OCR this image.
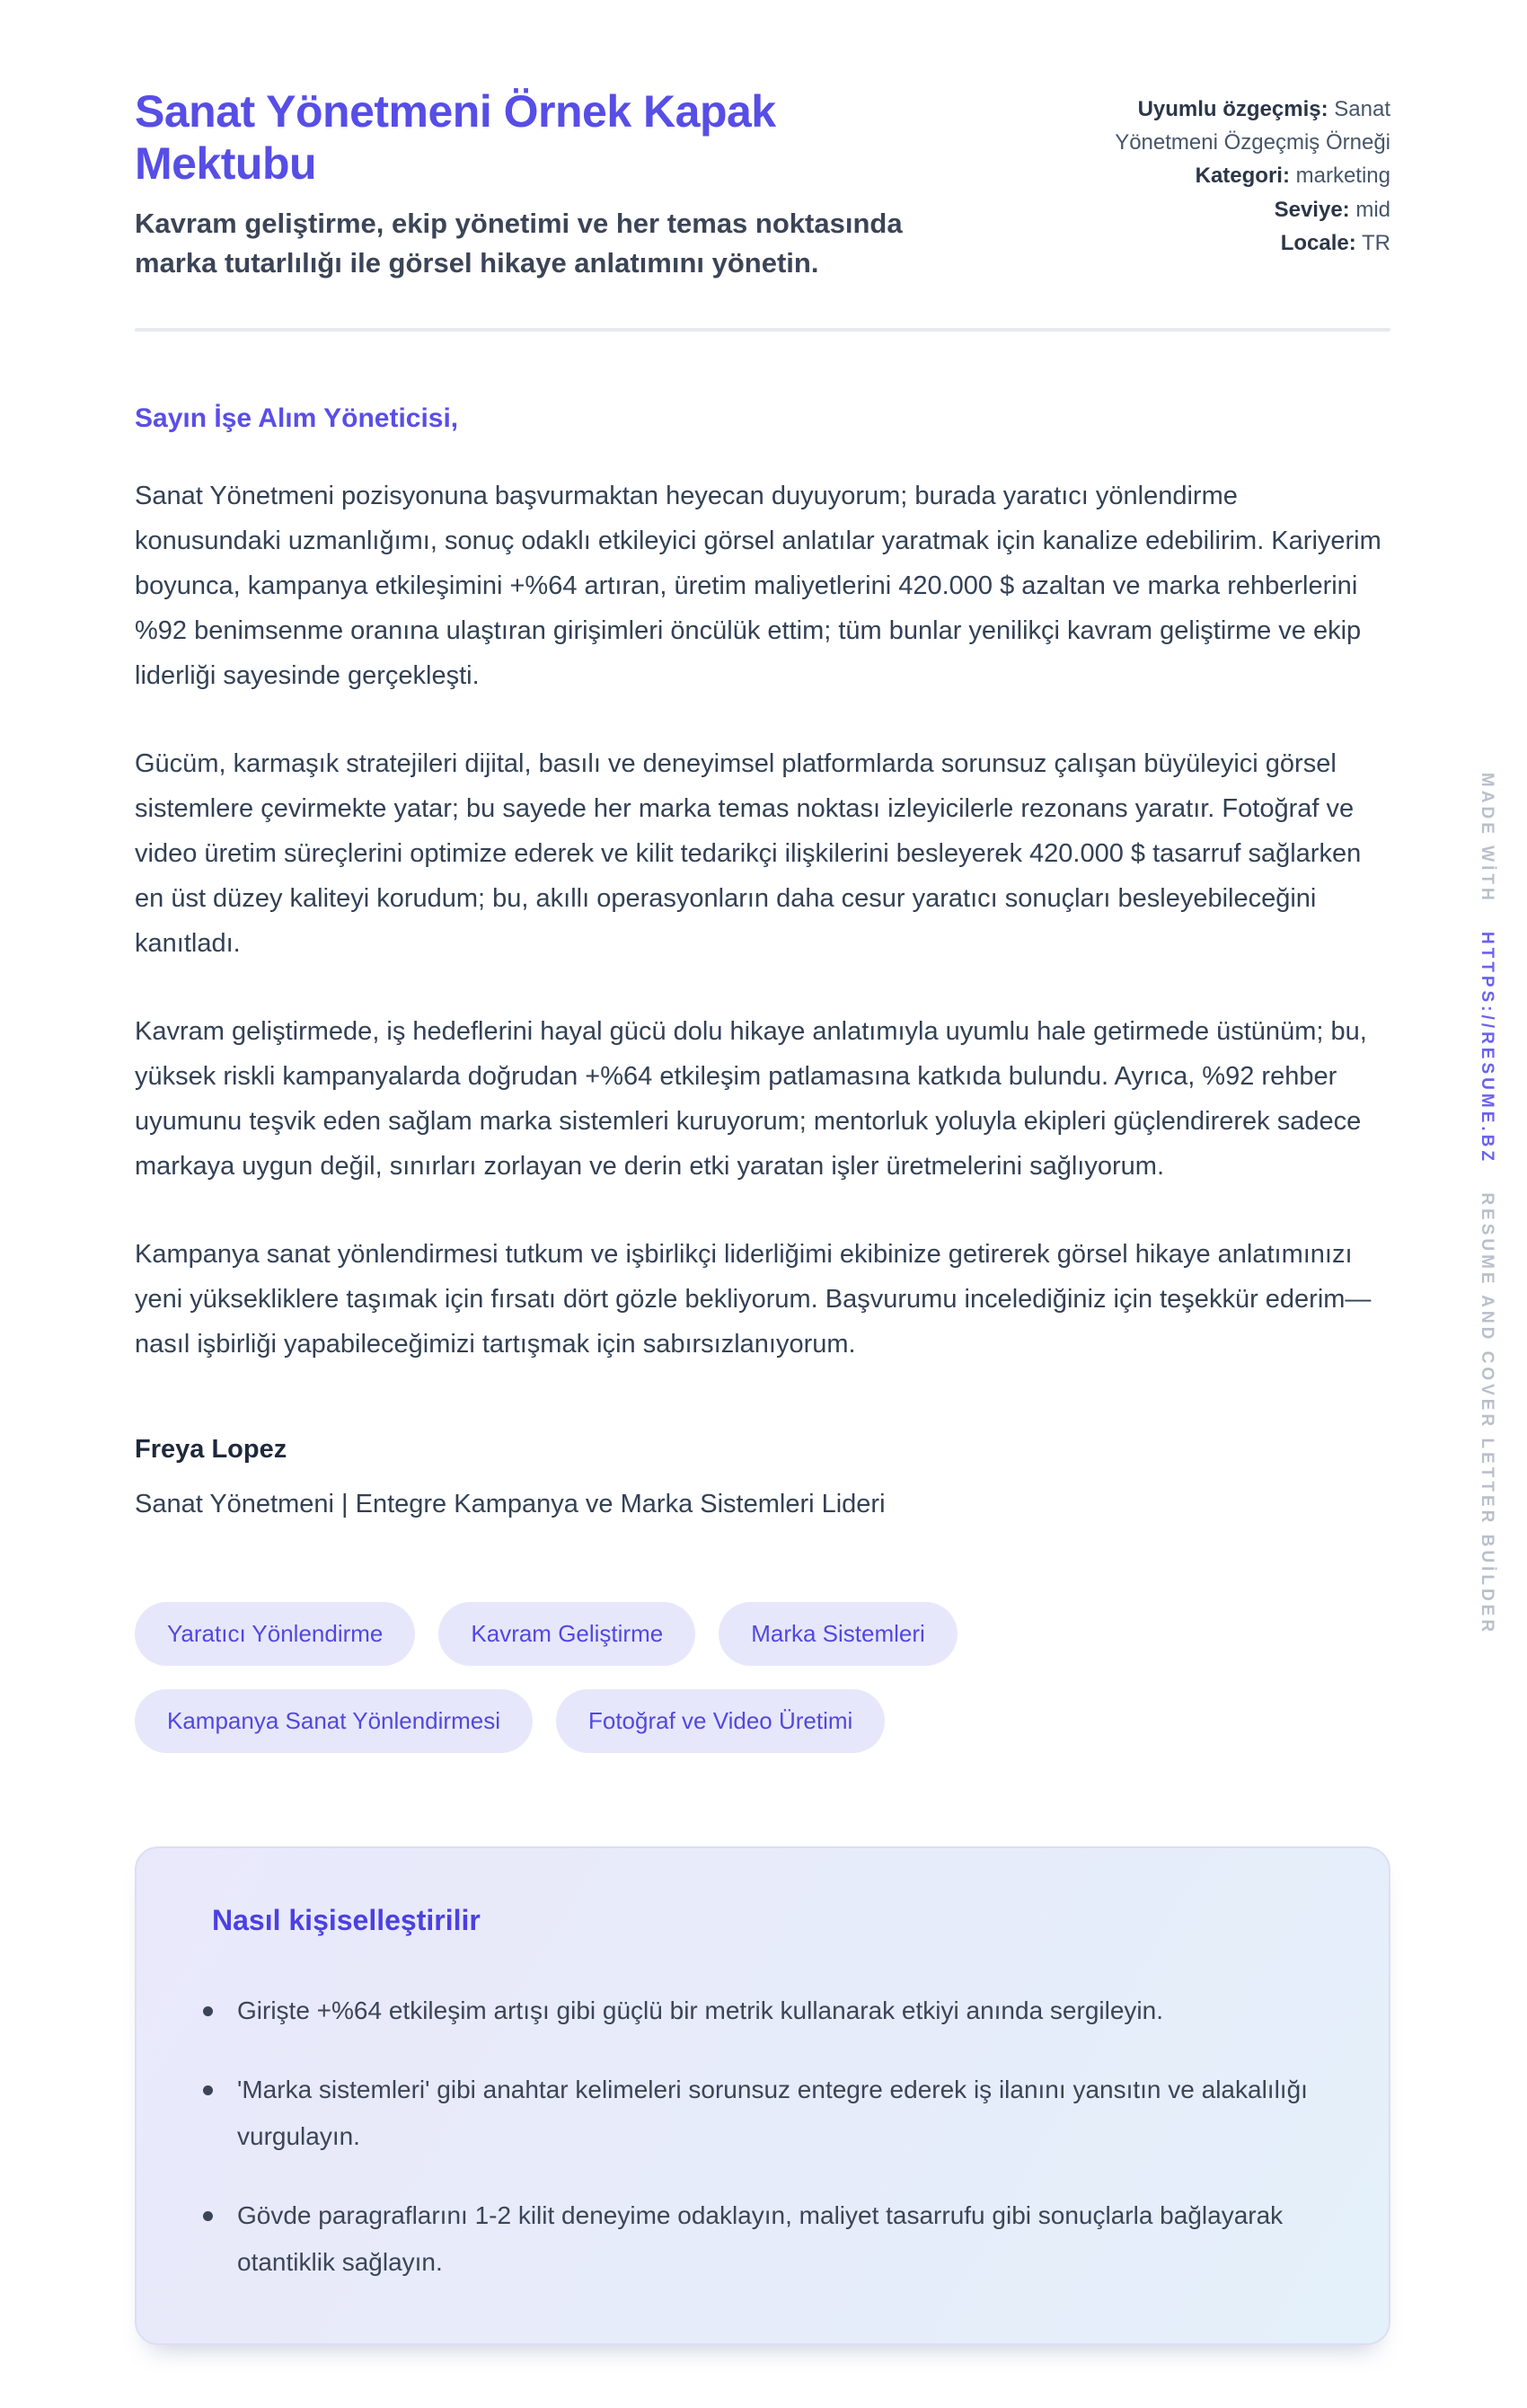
Sanat Yönetmeni Örnek Kapak Mektubu
Kavram geliştirme, ekip yönetimi ve her temas noktasında marka tutarlılığı ile görsel hikaye anlatımını yönetin.
Uyumlu özgeçmiş: Sanat Yönetmeni Özgeçmiş Örneği
Kategori: marketing
Seviye: mid
Locale: TR
Sayın İşe Alım Yöneticisi,

Sanat Yönetmeni pozisyonuna başvurmaktan heyecan duyuyorum; burada yaratıcı yönlendirme konusundaki uzmanlığımı, sonuç odaklı etkileyici görsel anlatılar yaratmak için kanalize edebilirim. Kariyerim boyunca, kampanya etkileşimini +%64 artıran, üretim maliyetlerini 420.000 $ azaltan ve marka rehberlerini %92 benimsenme oranına ulaştıran girişimleri öncülük ettim; tüm bunlar yenilikçi kavram geliştirme ve ekip liderliği sayesinde gerçekleşti.

Gücüm, karmaşık stratejileri dijital, basılı ve deneyimsel platformlarda sorunsuz çalışan büyüleyici görsel sistemlere çevirmekte yatar; bu sayede her marka temas noktası izleyicilerle rezonans yaratır. Fotoğraf ve video üretim süreçlerini optimize ederek ve kilit tedarikçi ilişkilerini besleyerek 420.000 $ tasarruf sağlarken en üst düzey kaliteyi korudum; bu, akıllı operasyonların daha cesur yaratıcı sonuçları besleyebileceğini kanıtladı.

Kavram geliştirmede, iş hedeflerini hayal gücü dolu hikaye anlatımıyla uyumlu hale getirmede üstünüm; bu, yüksek riskli kampanyalarda doğrudan +%64 etkileşim patlamasına katkıda bulundu. Ayrıca, %92 rehber uyumunu teşvik eden sağlam marka sistemleri kuruyorum; mentorluk yoluyla ekipleri güçlendirerek sadece markaya uygun değil, sınırları zorlayan ve derin etki yaratan işler üretmelerini sağlıyorum.

Kampanya sanat yönlendirmesi tutkum ve işbirlikçi liderliğimi ekibinize getirerek görsel hikaye anlatımınızı yeni yüksekliklere taşımak için fırsatı dört gözle bekliyorum. Başvurumu incelediğiniz için teşekkür ederim—nasıl işbirliği yapabileceğimizi tartışmak için sabırsızlanıyorum.

Freya Lopez
Sanat Yönetmeni | Entegre Kampanya ve Marka Sistemleri Lideri
Yaratıcı Yönlendirme	Kavram Geliştirme	Marka Sistemleri
Kampanya Sanat Yönlendirmesi	Fotoğraf ve Video Üretimi
Nasıl kişiselleştirilir
Girişte +%64 etkileşim artışı gibi güçlü bir metrik kullanarak etkiyi anında sergileyin.
'Marka sistemleri' gibi anahtar kelimeleri sorunsuz entegre ederek iş ilanını yansıtın ve alakalılığı vurgulayın.
Gövde paragraflarını 1-2 kilit deneyime odaklayın, maliyet tasarrufu gibi sonuçlarla bağlayarak otantiklik sağlayın.
MADE WİTH HTTPS://RESUME.BZ RESUME AND COVER LETTER BUİLDER
